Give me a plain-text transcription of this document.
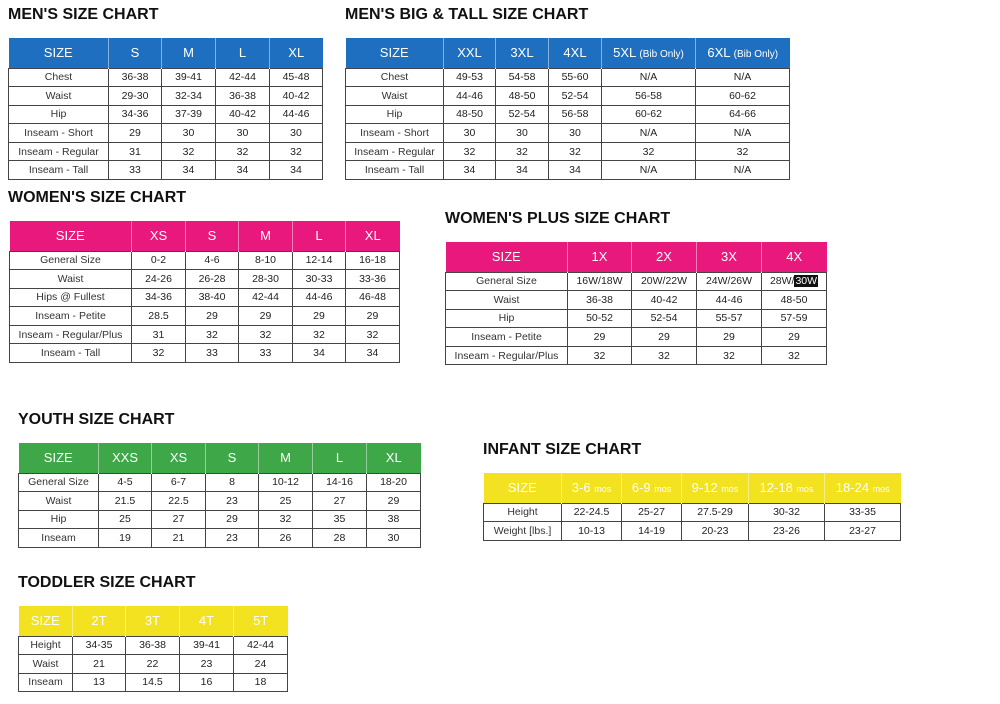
MEN'S SIZE CHART
SIZE	S	M	L	XL
Chest	36-38	39-41	42-44	45-48
Waist	29-30	32-34	36-38	40-42
Hip	34-36	37-39	40-42	44-46
Inseam - Short	29	30	30	30
Inseam - Regular	31	32	32	32
Inseam - Tall	33	34	34	34
MEN'S BIG & TALL SIZE CHART
SIZE	XXL	3XL	4XL	5XL (Bib Only)	6XL (Bib Only)
Chest	49-53	54-58	55-60	N/A	N/A
Waist	44-46	48-50	52-54	56-58	60-62
Hip	48-50	52-54	56-58	60-62	64-66
Inseam - Short	30	30	30	N/A	N/A
Inseam - Regular	32	32	32	32	32
Inseam - Tall	34	34	34	N/A	N/A
WOMEN'S SIZE CHART
SIZE	XS	S	M	L	XL
General Size	0-2	4-6	8-10	12-14	16-18
Waist	24-26	26-28	28-30	30-33	33-36
Hips @ Fullest	34-36	38-40	42-44	44-46	46-48
Inseam - Petite	28.5	29	29	29	29
Inseam - Regular/Plus	31	32	32	32	32
Inseam - Tall	32	33	33	34	34
WOMEN'S PLUS SIZE CHART
SIZE	1X	2X	3X	4X
General Size	16W/18W	20W/22W	24W/26W	28W/30W
Waist	36-38	40-42	44-46	48-50
Hip	50-52	52-54	55-57	57-59
Inseam - Petite	29	29	29	29
Inseam - Regular/Plus	32	32	32	32
YOUTH SIZE CHART
SIZE	XXS	XS	S	M	L	XL
General Size	4-5	6-7	8	10-12	14-16	18-20
Waist	21.5	22.5	23	25	27	29
Hip	25	27	29	32	35	38
Inseam	19	21	23	26	28	30
INFANT SIZE CHART
SIZE	3-6 mos	6-9 mos	9-12 mos	12-18 mos	18-24 mos
Height	22-24.5	25-27	27.5-29	30-32	33-35
Weight [lbs.]	10-13	14-19	20-23	23-26	23-27
TODDLER SIZE CHART
SIZE	2T	3T	4T	5T
Height	34-35	36-38	39-41	42-44
Waist	21	22	23	24
Inseam	13	14.5	16	18
